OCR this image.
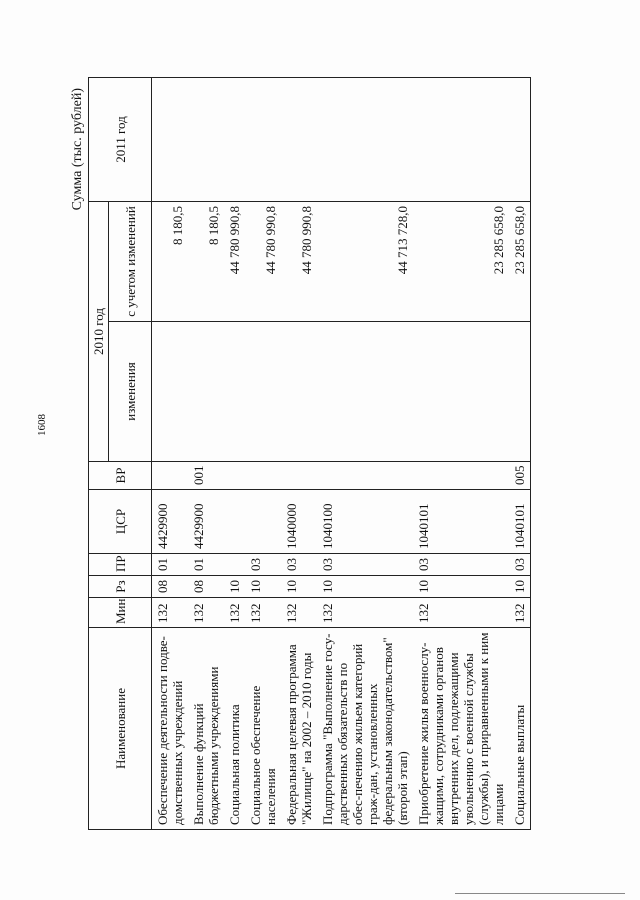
1608
Сумма (тыс. рублей)
Наименование	Мин	Рз	ПР	ЦСР	ВР	2010 год		2011 год
						изменения	с учетом изменений	
Обеспечение деятельности подве-домственных учреждений	132	08	01	4429900			8 180,5	
Выполнение функций бюджетными учреждениями	132	08	01	4429900	001		8 180,5	
Социальная политика	132	10					44 780 990,8	
Социальное обеспечение населения	132	10	03				44 780 990,8	
Федеральная целевая программа "Жилище" на 2002 – 2010 годы	132	10	03	1040000			44 780 990,8	
Подпрограмма "Выполнение госу-дарственных обязательств по обес-печению жильем категорий граж-дан, установленных федеральным законодательством" (второй этап)	132	10	03	1040100			44 713 728,0	
Приобретение жилья военнослу-жащими, сотрудниками органов внутренних дел, подлежащими увольнению с военной службы (службы), и приравненными к ним лицами	132	10	03	1040101			23 285 658,0	
Социальные выплаты	132	10	03	1040101	005		23 285 658,0	
